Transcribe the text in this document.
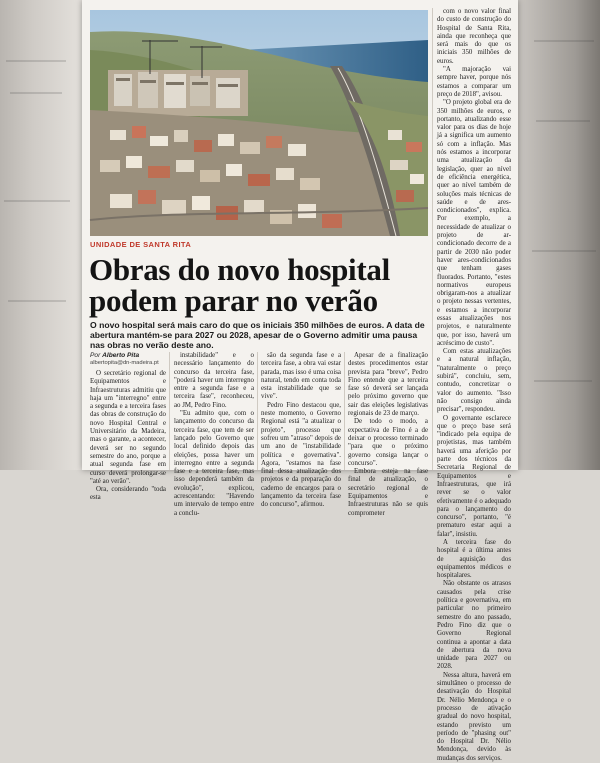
UNIDADE DE SANTA RITA
Obras do novo hospital
podem parar no verão
O novo hospital será mais caro do que os iniciais 350 milhões de euros. A data de abertura mantém-se para 2027 ou 2028, apesar de o Governo admitir uma pausa nas obras no verão deste ano.
Por Alberto Pita
albertopita@dn-madeira.pt

O secretário regional de Equipamentos e Infraestruturas admitiu que haja um "interregno" entre a segunda e a terceira fases das obras de construção do novo Hospital Central e Universitário da Madeira, mas o garante, a acontecer, deverá ser no segundo semestre do ano, porque a atual segunda fase em curso deverá prolongar-se "até ao verão".

Ora, considerando "toda esta

instabilidade" e o necessário lançamento do concurso da terceira fase, "poderá haver um interregno entre a segunda fase e a terceira fase", reconheceu, ao JM, Pedro Fino.

"Eu admito que, com o lançamento do concurso da terceira fase, que tem de ser lançado pelo Governo que local definido depois das eleições, possa haver um interregno entre a segunda fase e a terceira fase, mas isso dependerá também da evolução", explicou, acrescentando: "Havendo um intervalo de tempo entre a conclu-

são da segunda fase e a terceira fase, a obra vai estar parada, mas isso é uma coisa natural, tendo em conta toda esta instabilidade que se vive".

Pedro Fino destacou que, neste momento, o Governo Regional está "a atualizar o projeto", processo que sofreu um "atraso" depois de um ano de "instabilidade política e governativa". Agora, "estamos na fase final dessa atualização dos projetos e da preparação do caderno de encargos para o lançamento da terceira fase do concurso", afirmou.

Apesar de a finalização destes procedimentos estar prevista para "breve", Pedro Fino entende que a terceira fase só deverá ser lançada pelo próximo governo que sair das eleições legislativas regionais de 23 de março.

De todo o modo, a expectativa de Fino é a de deixar o processo terminado "para que o próximo governo consiga lançar o concurso".

Embora esteja na fase final de atualização, o secretário regional de Equipamentos e Infraestruturas não se quis comprometer

com o novo valor final do custo de construção do Hospital de Santa Rita, ainda que reconheça que será mais do que os iniciais 350 milhões de euros.

"A majoração vai sempre haver, porque nós estamos a comparar um preço de 2018", avisou.

"O projeto global era de 350 milhões de euros, e portanto, atualizando esse valor para os dias de hoje já a significa um aumento só com a inflação. Mas nós estamos a incorporar uma atualização da legislação, quer ao nível de eficiência energética, quer ao nível também de soluções mais técnicas de saúde e de ares-condicionados", explica. Por exemplo, a necessidade de atualizar o projeto de ar-condicionado decorre de a partir de 2030 não poder haver ares-condicionados que tenham gases fluorados. Portanto, "estes normativos europeus obrigaram-nos a atualizar o projeto nessas vertentes, e estamos a incorporar essas atualizações nos projetos, e naturalmente que, por isso, haverá um acréscimo de custo".

Com estas atualizações e a natural inflação, "naturalmente o preço subirá", concluiu, sem, contudo, concretizar o valor do aumento. "Isso não consigo ainda precisar", respondeu.

O governante esclarece que o preço base será "indicado pela equipa de projetistas, mas também haverá uma aferição por parte dos técnicos da Secretaria Regional de Equipamentos e Infraestruturas, que irá rever se o valor efetivamente é o adequado para o lançamento do concurso", portanto, "é prematuro estar aqui a falar", insistiu.

A terceira fase do hospital é a última antes de aquisição dos equipamentos médicos e hospitalares.

Não obstante os atrasos causados pela crise política e governativa, em particular no primeiro semestre do ano passado, Pedro Fino diz que o Governo Regional continua a apontar a data de abertura da nova unidade para 2027 ou 2028.

Nessa altura, haverá em simultâneo o processo de desativação do Hospital Dr. Nélio Mendonça e o processo de ativação gradual do novo hospital, estando previsto um período de "phasing out" do Hospital Dr. Nélio Mendonça, devido às mudanças dos serviços.
